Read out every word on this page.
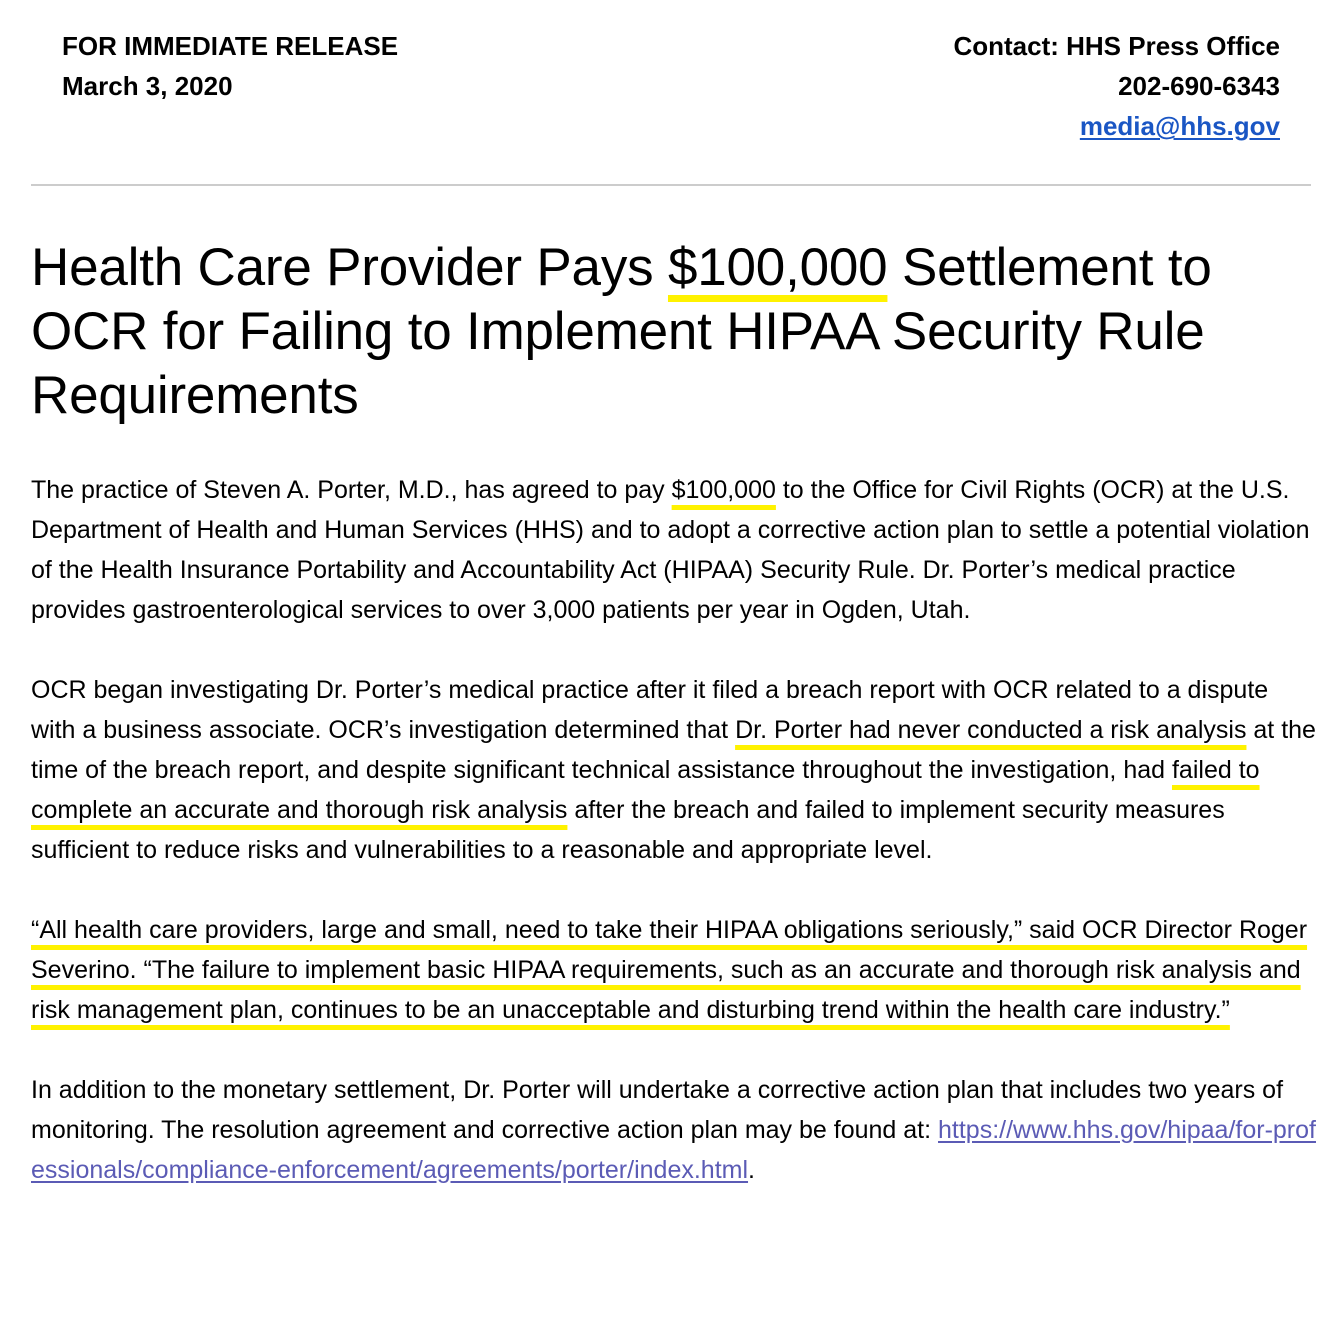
FOR IMMEDIATE RELEASE
March 3, 2020
Contact: HHS Press Office
202-690-6343
media@hhs.gov
Health Care Provider Pays $100,000 Settlement to OCR for Failing to Implement HIPAA Security Rule Requirements

The practice of Steven A. Porter, M.D., has agreed to pay $100,000 to the Office for Civil Rights (OCR) at the U.S. Department of Health and Human Services (HHS) and to adopt a corrective action plan to settle a potential violation of the Health Insurance Portability and Accountability Act (HIPAA) Security Rule. Dr. Porter’s medical practice provides gastroenterological services to over 3,000 patients per year in Ogden, Utah.

OCR began investigating Dr. Porter’s medical practice after it filed a breach report with OCR related to a dispute with a business associate. OCR’s investigation determined that Dr. Porter had never conducted a risk analysis at the time of the breach report, and despite significant technical assistance throughout the investigation, had failed to complete an accurate and thorough risk analysis after the breach and failed to implement security measures sufficient to reduce risks and vulnerabilities to a reasonable and appropriate level.

“All health care providers, large and small, need to take their HIPAA obligations seriously,” said OCR Director Roger Severino. “The failure to implement basic HIPAA requirements, such as an accurate and thorough risk analysis and risk management plan, continues to be an unacceptable and disturbing trend within the health care industry.”

In addition to the monetary settlement, Dr. Porter will undertake a corrective action plan that includes two years of monitoring. The resolution agreement and corrective action plan may be found at: https://www.hhs.gov/hipaa/for-professionals/compliance-enforcement/agreements/porter/index.html.
